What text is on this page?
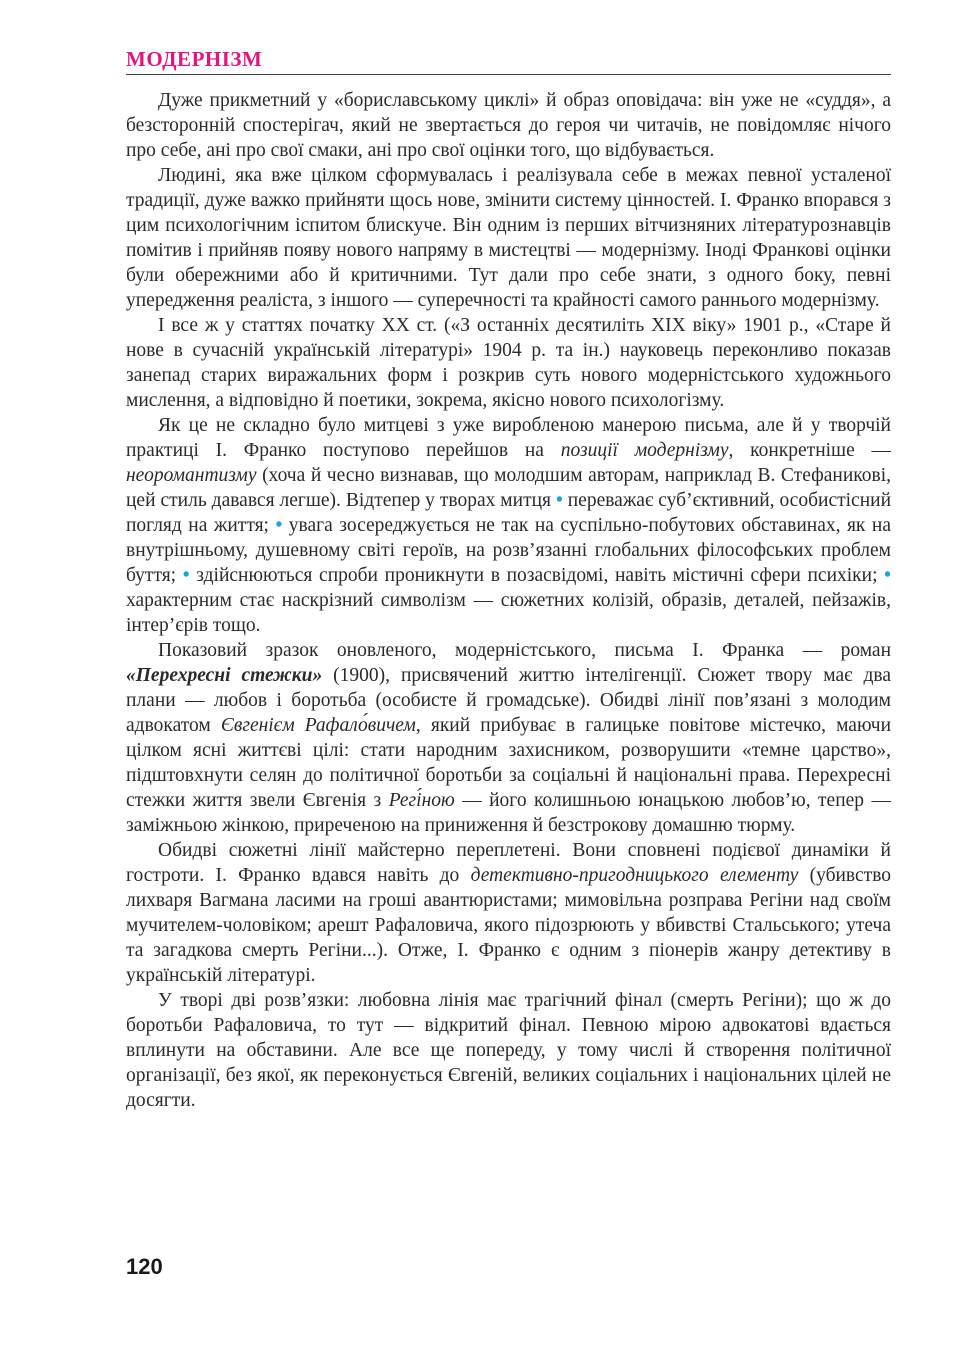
МОДЕРНІЗМ

Дуже прикметний у «бориславському циклі» й образ оповідача: він уже не «суддя», а безсторонній спостерігач, який не звертається до героя чи читачів, не повідомляє нічого про себе, ані про свої смаки, ані про свої оцінки того, що відбувається.

Людині, яка вже цілком сформувалась і реалізувала себе в межах певної усталеної традиції, дуже важко прийняти щось нове, змінити систему цінностей. І. Франко впорався з цим психологічним іспитом блискуче. Він одним із перших вітчизняних літературознавців помітив і прийняв появу нового напряму в мистецтві — модернізму. Іноді Франкові оцінки були обережними або й критичними. Тут дали про себе знати, з одного боку, певні упередження реаліста, з іншого — суперечності та крайності самого раннього модернізму.

І все ж у статтях початку ХХ ст. («З останніх десятиліть ХІХ віку» 1901 р., «Старе й нове в сучасній українській літературі» 1904 р. та ін.) науковець переконливо показав занепад старих виражальних форм і розкрив суть нового модерністського художнього мислення, а відповідно й поетики, зокрема, якісно нового психологізму.

Як це не складно було митцеві з уже виробленою манерою письма, але й у творчій практиці І. Франко поступово перейшов на позиції модернізму, конкретніше — неоромантизму (хоча й чесно визнавав, що молодшим авторам, наприклад В. Стефаникові, цей стиль давався легше). Відтепер у творах митця • переважає суб’єктивний, особистісний погляд на життя; • увага зосереджується не так на суспільно-побутових обставинах, як на внутрішньому, душевному світі героїв, на розв’язанні глобальних філософських проблем буття; • здійснюються спроби проникнути в позасвідомі, навіть містичні сфери психіки; • характерним стає наскрізний символізм — сюжетних колізій, образів, деталей, пейзажів, інтер’єрів тощо.

Показовий зразок оновленого, модерністського, письма І. Франка — роман «Перехресні стежки» (1900), присвячений життю інтелігенції. Сюжет твору має два плани — любов і боротьба (особисте й громадське). Обидві лінії пов’язані з молодим адвокатом Євгенієм Рафало́вичем, який прибуває в галицьке повітове містечко, маючи цілком ясні життєві цілі: стати народним захисником, розворушити «темне царство», підштовхнути селян до політичної боротьби за соціальні й національні права. Перехресні стежки життя звели Євгенія з Регі́ною — його колишньою юнацькою любов’ю, тепер — заміжньою жінкою, приреченою на приниження й безстрокову домашню тюрму.

Обидві сюжетні лінії майстерно переплетені. Вони сповнені подієвої динаміки й гостроти. І. Франко вдався навіть до детективно-пригодницького елементу (убивство лихваря Вагмана ласими на гроші авантюристами; мимовільна розправа Регіни над своїм мучителем-чоловіком; арешт Рафаловича, якого підозрюють у вбивстві Стальського; утеча та загадкова смерть Регіни...). Отже, І. Франко є одним з піонерів жанру детективу в українській літературі.

У творі дві розв’язки: любовна лінія має трагічний фінал (смерть Регіни); що ж до боротьби Рафаловича, то тут — відкритий фінал. Певною мірою адвокатові вдається вплинути на обставини. Але все ще попереду, у тому числі й створення політичної організації, без якої, як переконується Євгеній, великих соціальних і національних цілей не досягти.

120
